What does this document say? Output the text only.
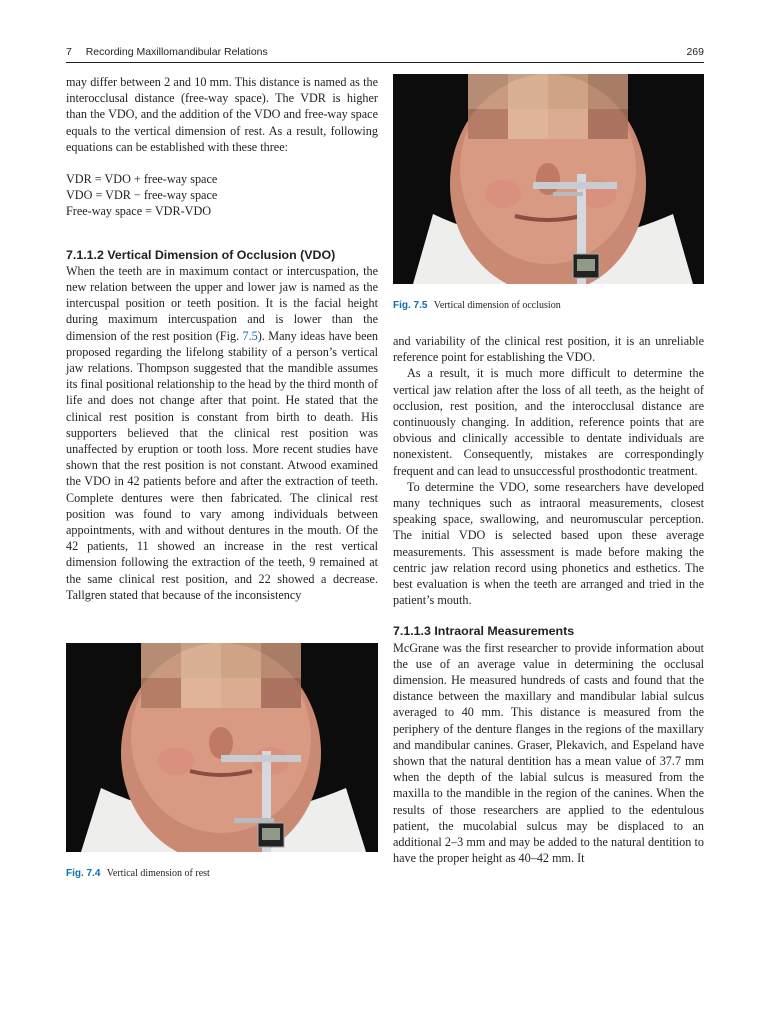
7 Recording Maxillomandibular Relations	269

may differ between 2 and 10 mm. This distance is named as the interocclusal distance (free-way space). The VDR is higher than the VDO, and the addition of the VDO and free-way space equals to the vertical dimension of rest. As a result, following equations can be established with these three:

VDR = VDO + free-way space
VDO = VDR − free-way space
Free-way space = VDR-VDO
7.1.1.2 Vertical Dimension of Occlusion (VDO)

When the teeth are in maximum contact or intercuspation, the new relation between the upper and lower jaw is named as the intercuspal position or teeth position. It is the facial height during maximum intercuspation and is lower than the dimension of the rest position (Fig. 7.5). Many ideas have been proposed regarding the lifelong stability of a person’s vertical jaw relations. Thompson suggested that the mandible assumes its final positional relationship to the head by the third month of life and does not change after that point. He stated that the clinical rest position is constant from birth to death. His supporters believed that the clinical rest position was unaffected by eruption or tooth loss. More recent studies have shown that the rest position is not constant. Atwood examined the VDO in 42 patients before and after the extraction of teeth. Complete dentures were then fabricated. The clinical rest position was found to vary among individuals between appointments, with and without dentures in the mouth. Of the 42 patients, 11 showed an increase in the rest vertical dimension following the extraction of the teeth, 9 remained at the same clinical rest position, and 22 showed a decrease. Tallgren stated that because of the inconsistency

Fig. 7.5 Vertical dimension of occlusion

and variability of the clinical rest position, it is an unreliable reference point for establishing the VDO.

As a result, it is much more difficult to determine the vertical jaw relation after the loss of all teeth, as the height of occlusion, rest position, and the interocclusal distance are continuously changing. In addition, reference points that are obvious and clinically accessible to dentate individuals are nonexistent. Consequently, mistakes are correspondingly frequent and can lead to unsuccessful prosthodontic treatment.

To determine the VDO, some researchers have developed many techniques such as intraoral measurements, closest speaking space, swallowing, and neuromuscular perception. The initial VDO is selected based upon these average measurements. This assessment is made before making the centric jaw relation record using phonetics and esthetics. The best evaluation is when the teeth are arranged and tried in the patient’s mouth.

7.1.1.3 Intraoral Measurements

McGrane was the first researcher to provide information about the use of an average value in determining the occlusal dimension. He measured hundreds of casts and found that the distance between the maxillary and mandibular labial sulcus averaged to 40 mm. This distance is measured from the periphery of the denture flanges in the regions of the maxillary and mandibular canines. Graser, Plekavich, and Espeland have shown that the natural dentition has a mean value of 37.7 mm when the depth of the labial sulcus is measured from the maxilla to the mandible in the region of the canines. When the results of those researchers are applied to the edentulous patient, the mucolabial sulcus may be displaced to an additional 2–3 mm and may be added to the natural dentition to have the proper height as 40–42 mm. It

Fig. 7.4 Vertical dimension of rest
